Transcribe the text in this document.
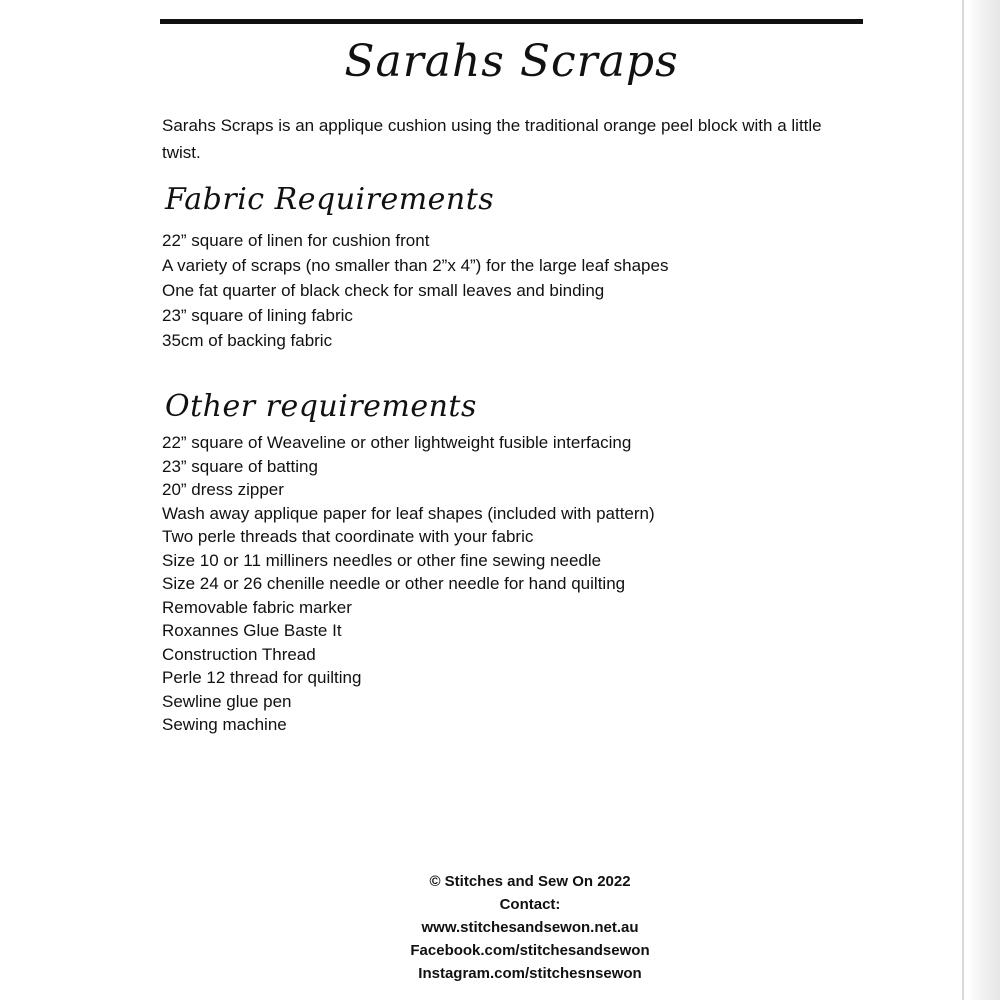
Sarahs Scraps

Sarahs Scraps is an applique cushion using the traditional orange peel block with a little twist.

Fabric Requirements
22” square of linen for cushion front
A variety of scraps (no smaller than 2”x 4”) for the large leaf shapes
One fat quarter of black check for small leaves and binding
23” square of lining fabric
35cm of backing fabric
Other requirements
22” square of Weaveline or other lightweight fusible interfacing
23” square of batting
20” dress zipper
Wash away applique paper for leaf shapes (included with pattern)
Two perle threads that coordinate with your fabric
Size 10 or 11 milliners needles or other fine sewing needle
Size 24 or 26 chenille needle or other needle for hand quilting
Removable fabric marker
Roxannes Glue Baste It
Construction Thread
Perle 12 thread for quilting
Sewline glue pen
Sewing machine
© Stitches and Sew On 2022
Contact:
www.stitchesandsewon.net.au
Facebook.com/stitchesandsewon
Instagram.com/stitchesnsewon
